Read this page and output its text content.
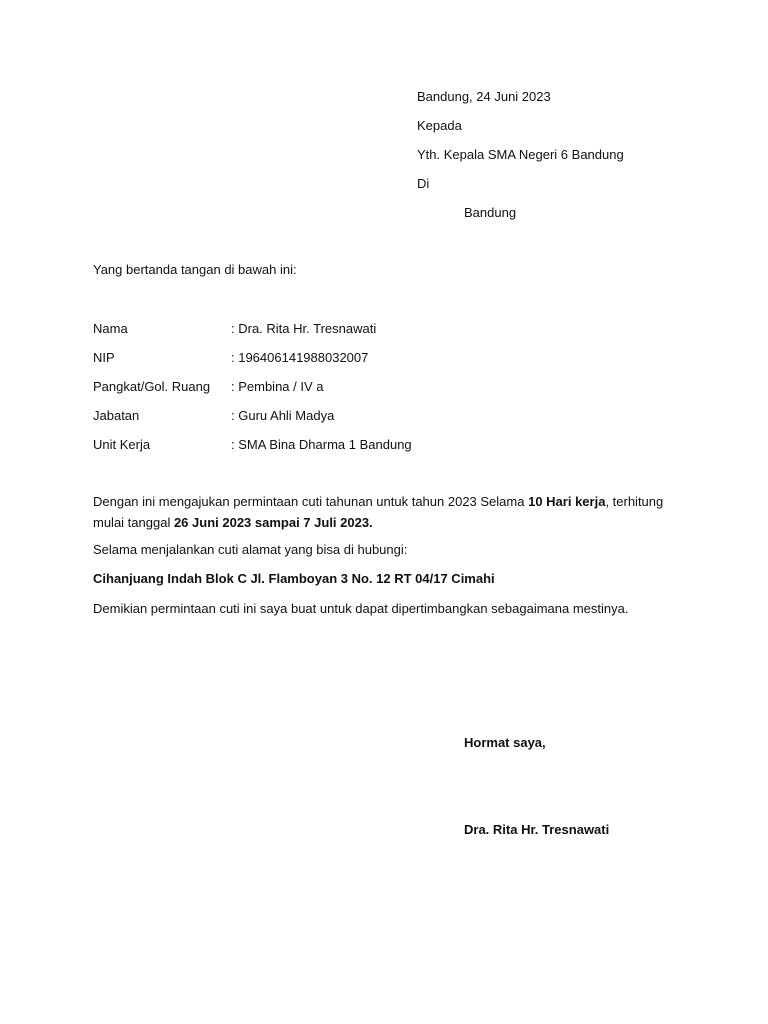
Bandung, 24 Juni 2023
Kepada
Yth. Kepala SMA Negeri 6 Bandung
Di
Bandung
Yang bertanda tangan di bawah ini:
Nama	: Dra. Rita Hr. Tresnawati
NIP	: 196406141988032007
Pangkat/Gol. Ruang : Pembina / IV a
Jabatan	: Guru Ahli Madya
Unit Kerja	: SMA Bina Dharma 1 Bandung
Dengan ini mengajukan permintaan cuti tahunan untuk tahun 2023 Selama 10 Hari kerja, terhitung mulai tanggal 26 Juni 2023 sampai 7 Juli 2023.
Selama menjalankan cuti alamat yang bisa di hubungi:
Cihanjuang Indah Blok C Jl. Flamboyan 3 No. 12 RT 04/17 Cimahi
Demikian permintaan cuti ini saya buat untuk dapat dipertimbangkan sebagaimana mestinya.
Hormat saya,
Dra. Rita Hr. Tresnawati
